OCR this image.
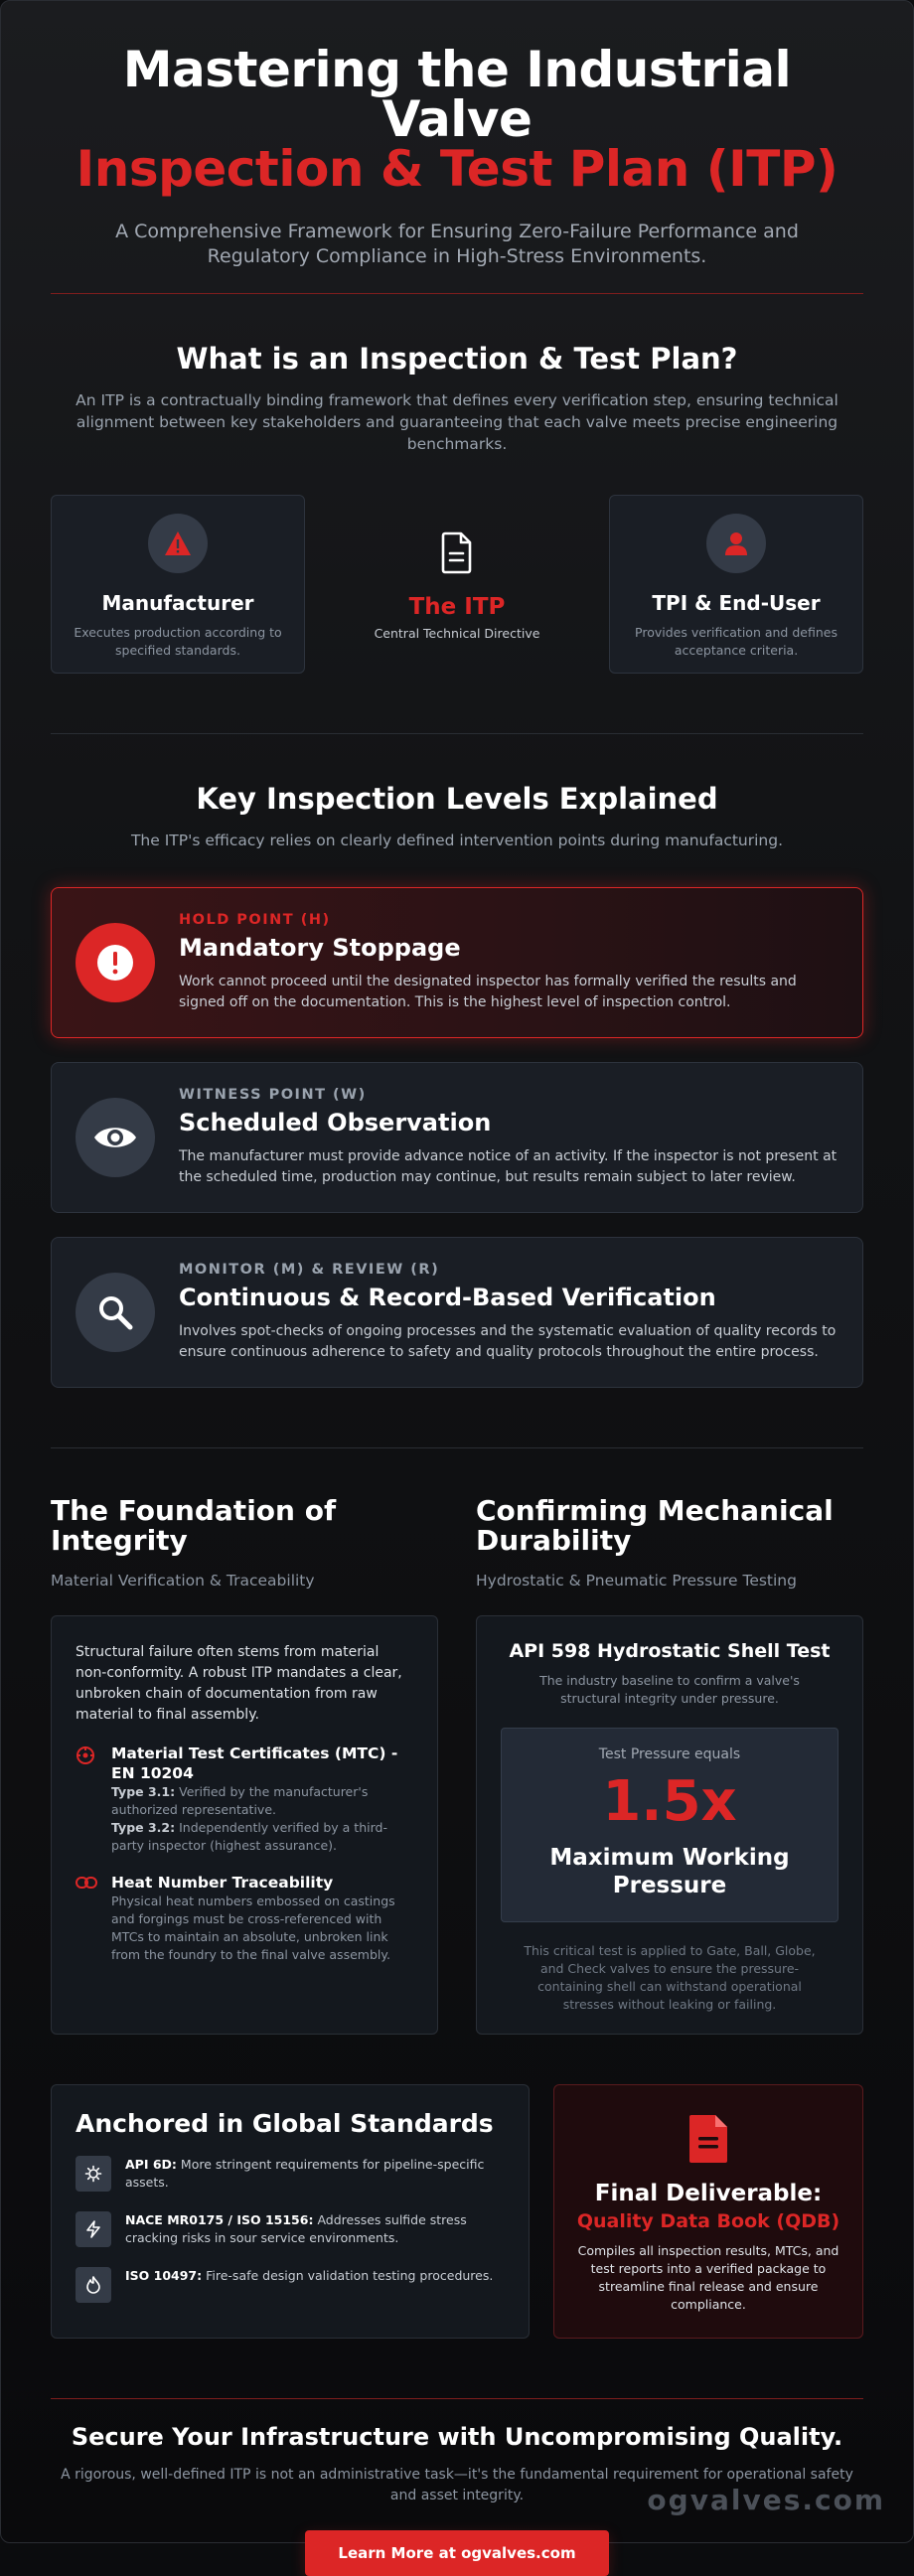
Mastering the Industrial Valve
Inspection & Test Plan (ITP)

A Comprehensive Framework for Ensuring Zero-Failure Performance and Regulatory Compliance in High-Stress Environments.

What is an Inspection & Test Plan?

An ITP is a contractually binding framework that defines every verification step, ensuring technical alignment between key stakeholders and guaranteeing that each valve meets precise engineering benchmarks.

Manufacturer

Executes production according to specified standards.

The ITP

Central Technical Directive

TPI & End-User

Provides verification and defines acceptance criteria.

Key Inspection Levels Explained

The ITP's efficacy relies on clearly defined intervention points during manufacturing.

HOLD POINT (H)
Mandatory Stoppage
Work cannot proceed until the designated inspector has formally verified the results and signed off on the documentation. This is the highest level of inspection control.
WITNESS POINT (W)
Scheduled Observation
The manufacturer must provide advance notice of an activity. If the inspector is not present at the scheduled time, production may continue, but results remain subject to later review.
MONITOR (M) & REVIEW (R)
Continuous & Record-Based Verification
Involves spot-checks of ongoing processes and the systematic evaluation of quality records to ensure continuous adherence to safety and quality protocols throughout the entire process.
The Foundation of Integrity
Material Verification & Traceability

Structural failure often stems from material non-conformity. A robust ITP mandates a clear, unbroken chain of documentation from raw material to final assembly.

Material Test Certificates (MTC) - EN 10204

Type 3.1: Verified by the manufacturer's authorized representative.

Type 3.2: Independently verified by a third-party inspector (highest assurance).

Heat Number Traceability

Physical heat numbers embossed on castings and forgings must be cross-referenced with MTCs to maintain an absolute, unbroken link from the foundry to the final valve assembly.

Confirming Mechanical Durability
Hydrostatic & Pneumatic Pressure Testing
API 598 Hydrostatic Shell Test

The industry baseline to confirm a valve's structural integrity under pressure.

Test Pressure equals
1.5x
Maximum Working Pressure

This critical test is applied to Gate, Ball, Globe, and Check valves to ensure the pressure-containing shell can withstand operational stresses without leaking or failing.

Anchored in Global Standards

API 6D: More stringent requirements for pipeline-specific assets.

NACE MR0175 / ISO 15156: Addresses sulfide stress cracking risks in sour service environments.

ISO 10497: Fire-safe design validation testing procedures.

Final Deliverable:
Quality Data Book (QDB)

Compiles all inspection results, MTCs, and test reports into a verified package to streamline final release and ensure compliance.

Secure Your Infrastructure with Uncompromising Quality.

A rigorous, well-defined ITP is not an administrative task—it's the fundamental requirement for operational safety and asset integrity.

Learn More at ogvalves.com
ogvalves.com
